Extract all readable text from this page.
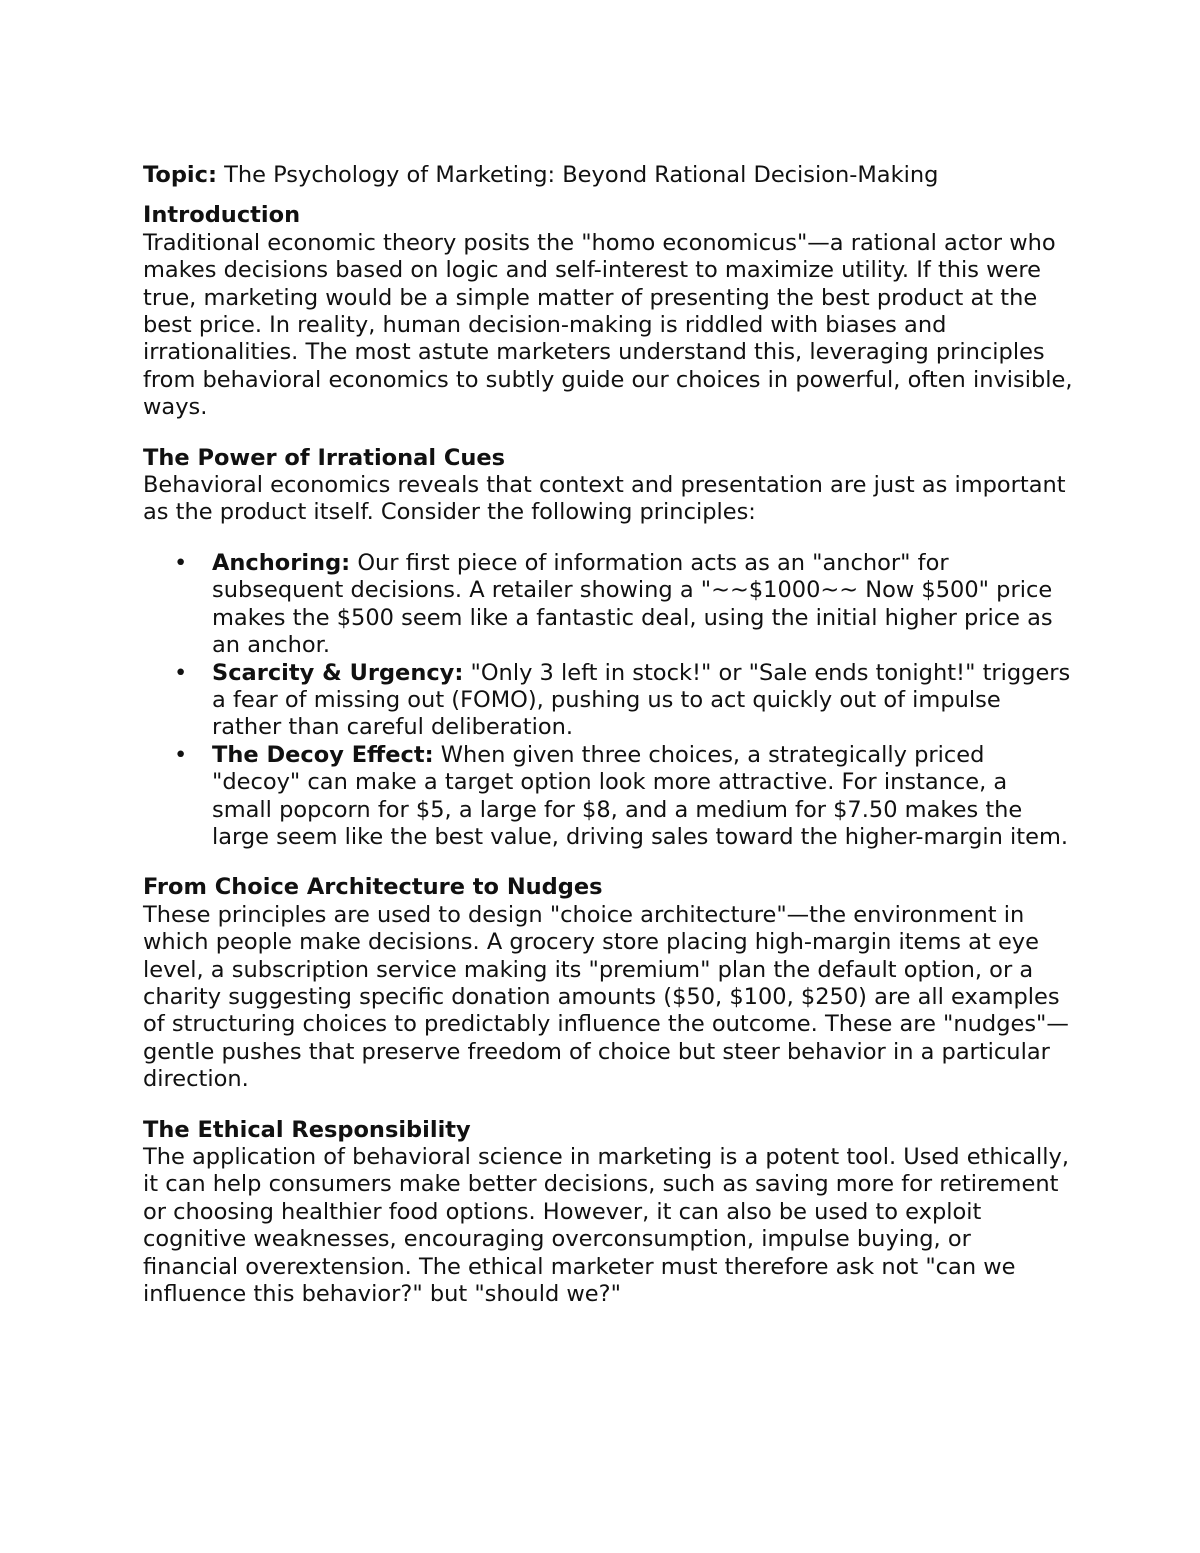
Topic: The Psychology of Marketing: Beyond Rational Decision-Making

Introduction
Traditional economic theory posits the "homo economicus"—a rational actor who makes decisions based on logic and self-interest to maximize utility. If this were true, marketing would be a simple matter of presenting the best product at the best price. In reality, human decision-making is riddled with biases and irrationalities. The most astute marketers understand this, leveraging principles from behavioral economics to subtly guide our choices in powerful, often invisible, ways.
The Power of Irrational Cues
Behavioral economics reveals that context and presentation are just as important as the product itself. Consider the following principles:
• Anchoring: Our first piece of information acts as an "anchor" for subsequent decisions. A retailer showing a "~~$1000~~ Now $500" price makes the $500 seem like a fantastic deal, using the initial higher price as an anchor.
• Scarcity & Urgency: "Only 3 left in stock!" or "Sale ends tonight!" triggers a fear of missing out (FOMO), pushing us to act quickly out of impulse rather than careful deliberation.
• The Decoy Effect: When given three choices, a strategically priced "decoy" can make a target option look more attractive. For instance, a small popcorn for $5, a large for $8, and a medium for $7.50 makes the large seem like the best value, driving sales toward the higher-margin item.
From Choice Architecture to Nudges
These principles are used to design "choice architecture"—the environment in which people make decisions. A grocery store placing high-margin items at eye level, a subscription service making its "premium" plan the default option, or a charity suggesting specific donation amounts ($50, $100, $250) are all examples of structuring choices to predictably influence the outcome. These are "nudges"—gentle pushes that preserve freedom of choice but steer behavior in a particular direction.
The Ethical Responsibility
The application of behavioral science in marketing is a potent tool. Used ethically, it can help consumers make better decisions, such as saving more for retirement or choosing healthier food options. However, it can also be used to exploit cognitive weaknesses, encouraging overconsumption, impulse buying, or financial overextension. The ethical marketer must therefore ask not "can we influence this behavior?" but "should we?"
